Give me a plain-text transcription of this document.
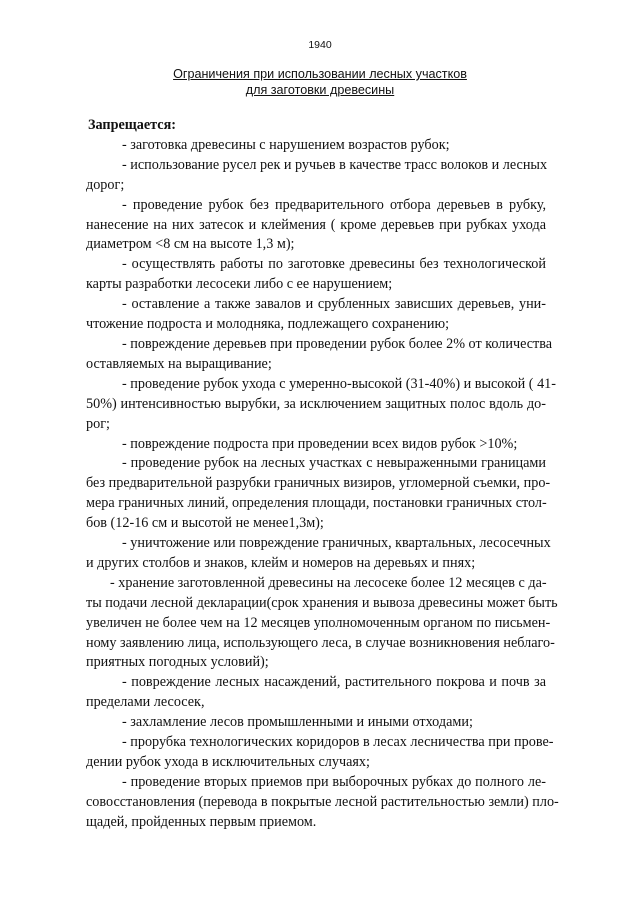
1940
Ограничения при использовании лесных участков
для заготовки древесины
Запрещается:
- заготовка древесины с нарушением возрастов рубок;
- использование русел рек и ручьев в качестве трасс волоков и лесных
дорог;
- проведение рубок без предварительного отбора деревьев в рубку,
нанесение на них затесок и клеймения ( кроме деревьев при рубках ухода
диаметром <8 см на высоте 1,3 м);
- осуществлять работы по заготовке древесины без технологической
карты разработки лесосеки либо с ее нарушением;
- оставление а также завалов и срубленных зависших деревьев, уни-
чтожение подроста и молодняка, подлежащего сохранению;
- повреждение деревьев при проведении рубок более 2% от количества
оставляемых на выращивание;
- проведение рубок ухода с умеренно-высокой (31-40%) и высокой ( 41-
50%) интенсивностью вырубки, за исключением защитных полос вдоль до-
рог;
- повреждение подроста при проведении всех видов рубок >10%;
- проведение рубок на лесных участках с невыраженными границами
без предварительной разрубки граничных визиров, угломерной съемки, про-
мера граничных линий, определения площади, постановки граничных стол-
бов (12-16 см и высотой не менее1,3м);
- уничтожение или повреждение граничных, квартальных, лесосечных
и других столбов и знаков, клейм и номеров на деревьях и пнях;
- хранение заготовленной древесины на лесосеке более 12 месяцев с да-
ты подачи лесной декларации(срок хранения и вывоза древесины может быть
увеличен не более чем на 12 месяцев уполномоченным органом по письмен-
ному заявлению лица, использующего леса, в случае возникновения неблаго-
приятных погодных условий);
- повреждение лесных насаждений, растительного покрова и почв за
пределами лесосек,
- захламление лесов промышленными и иными отходами;
- прорубка технологических коридоров в лесах лесничества при прове-
дении рубок ухода в исключительных случаях;
- проведение вторых приемов при выборочных рубках до полного ле-
совосстановления (перевода в покрытые лесной растительностью земли) пло-
щадей, пройденных первым приемом.
